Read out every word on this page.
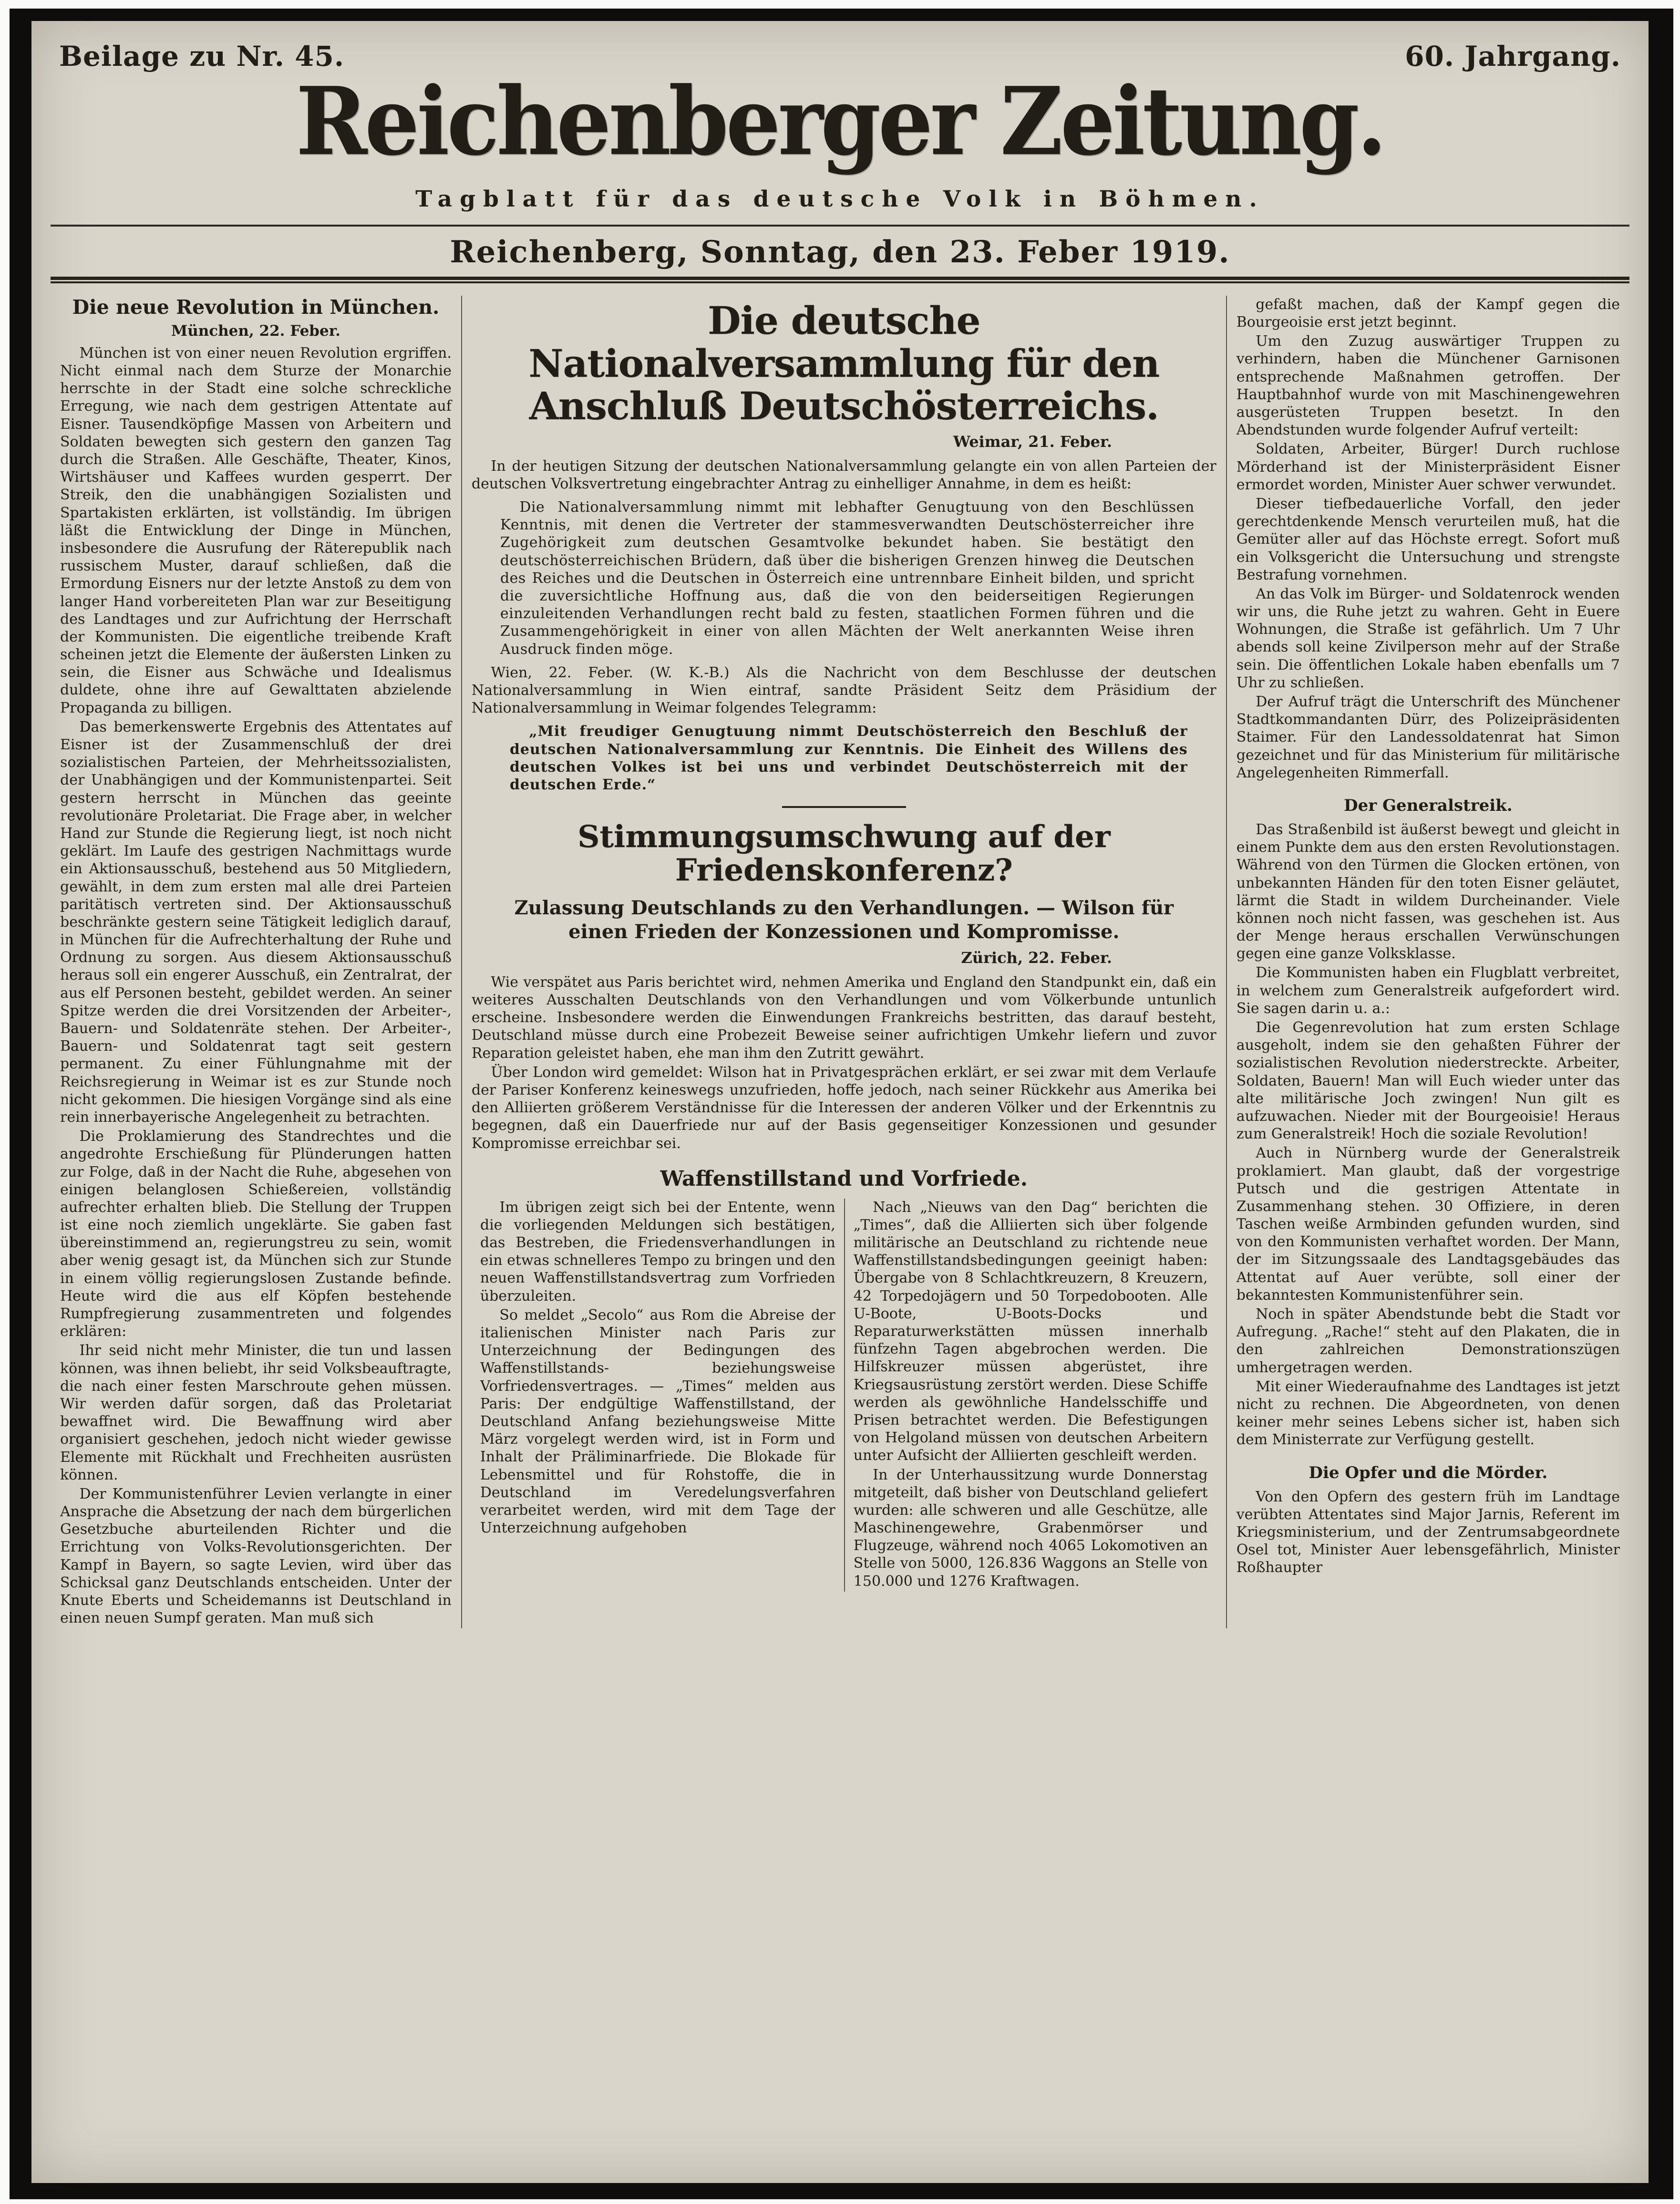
Beilage zu Nr. 45.	60. Jahrgang.
Reichenberger Zeitung.
Tagblatt für das deutsche Volk in Böhmen.
Reichenberg, Sonntag, den 23. Feber 1919.
Die neue Revolution in München.
München, 22. Feber.

München ist von einer neuen Revolution ergriffen. Nicht einmal nach dem Sturze der Monarchie herrschte in der Stadt eine solche schreckliche Erregung, wie nach dem gestrigen Attentate auf Eisner. Tausendköpfige Massen von Arbeitern und Soldaten bewegten sich gestern den ganzen Tag durch die Straßen. Alle Geschäfte, Theater, Kinos, Wirtshäuser und Kaffees wurden gesperrt. Der Streik, den die unabhängigen Sozialisten und Spartakisten erklärten, ist vollständig. Im übrigen läßt die Entwicklung der Dinge in München, insbesondere die Ausrufung der Räterepublik nach russischem Muster, darauf schließen, daß die Ermordung Eisners nur der letzte Anstoß zu dem von langer Hand vorbereiteten Plan war zur Beseitigung des Landtages und zur Aufrichtung der Herrschaft der Kommunisten. Die eigentliche treibende Kraft scheinen jetzt die Elemente der äußersten Linken zu sein, die Eisner aus Schwäche und Idealismus duldete, ohne ihre auf Gewalttaten abzielende Propaganda zu billigen.

Das bemerkenswerte Ergebnis des Attentates auf Eisner ist der Zusammenschluß der drei sozialistischen Parteien, der Mehrheitssozialisten, der Unabhängigen und der Kommunistenpartei. Seit gestern herrscht in München das geeinte revolutionäre Proletariat. Die Frage aber, in welcher Hand zur Stunde die Regierung liegt, ist noch nicht geklärt. Im Laufe des gestrigen Nachmittags wurde ein Aktionsausschuß, bestehend aus 50 Mitgliedern, gewählt, in dem zum ersten mal alle drei Parteien paritätisch vertreten sind. Der Aktionsausschuß beschränkte gestern seine Tätigkeit lediglich darauf, in München für die Aufrechterhaltung der Ruhe und Ordnung zu sorgen. Aus diesem Aktionsausschuß heraus soll ein engerer Ausschuß, ein Zentralrat, der aus elf Personen besteht, gebildet werden. An seiner Spitze werden die drei Vorsitzenden der Arbeiter-, Bauern- und Soldatenräte stehen. Der Arbeiter-, Bauern- und Soldatenrat tagt seit gestern permanent. Zu einer Fühlungnahme mit der Reichsregierung in Weimar ist es zur Stunde noch nicht gekommen. Die hiesigen Vorgänge sind als eine rein innerbayerische Angelegenheit zu betrachten.

Die Proklamierung des Standrechtes und die angedrohte Erschießung für Plünderungen hatten zur Folge, daß in der Nacht die Ruhe, abgesehen von einigen belanglosen Schießereien, vollständig aufrechter erhalten blieb. Die Stellung der Truppen ist eine noch ziemlich ungeklärte. Sie gaben fast übereinstimmend an, regierungstreu zu sein, womit aber wenig gesagt ist, da München sich zur Stunde in einem völlig regierungslosen Zustande befinde. Heute wird die aus elf Köpfen bestehende Rumpfregierung zusammentreten und folgendes erklären:

Ihr seid nicht mehr Minister, die tun und lassen können, was ihnen beliebt, ihr seid Volksbeauftragte, die nach einer festen Marschroute gehen müssen. Wir werden dafür sorgen, daß das Proletariat bewaffnet wird. Die Bewaffnung wird aber organisiert geschehen, jedoch nicht wieder gewisse Elemente mit Rückhalt und Frechheiten ausrüsten können.

Der Kommunistenführer Levien verlangte in einer Ansprache die Absetzung der nach dem bürgerlichen Gesetzbuche aburteilenden Richter und die Errichtung von Volks-Revolutionsgerichten. Der Kampf in Bayern, so sagte Levien, wird über das Schicksal ganz Deutschlands entscheiden. Unter der Knute Eberts und Scheidemanns ist Deutschland in einen neuen Sumpf geraten. Man muß sich

Die deutsche Nationalversammlung für den Anschluß Deutschösterreichs.
Weimar, 21. Feber.

In der heutigen Sitzung der deutschen Nationalversammlung gelangte ein von allen Parteien der deutschen Volksvertretung eingebrachter Antrag zu einhelliger Annahme, in dem es heißt:

Die Nationalversammlung nimmt mit lebhafter Genugtuung von den Beschlüssen Kenntnis, mit denen die Vertreter der stammesverwandten Deutschösterreicher ihre Zugehörigkeit zum deutschen Gesamtvolke bekundet haben. Sie bestätigt den deutschösterreichischen Brüdern, daß über die bisherigen Grenzen hinweg die Deutschen des Reiches und die Deutschen in Österreich eine untrennbare Einheit bilden, und spricht die zuversichtliche Hoffnung aus, daß die von den beiderseitigen Regierungen einzuleitenden Verhandlungen recht bald zu festen, staatlichen Formen führen und die Zusammengehörigkeit in einer von allen Mächten der Welt anerkannten Weise ihren Ausdruck finden möge.

Wien, 22. Feber. (W. K.-B.) Als die Nachricht von dem Beschlusse der deutschen Nationalversammlung in Wien eintraf, sandte Präsident Seitz dem Präsidium der Nationalversammlung in Weimar folgendes Telegramm:

„Mit freudiger Genugtuung nimmt Deutschösterreich den Beschluß der deutschen Nationalversammlung zur Kenntnis. Die Einheit des Willens des deutschen Volkes ist bei uns und verbindet Deutschösterreich mit der deutschen Erde.“

Stimmungsumschwung auf der Friedenskonferenz?
Zulassung Deutschlands zu den Verhandlungen. — Wilson für einen Frieden der Konzessionen und Kompromisse.
Zürich, 22. Feber.

Wie verspätet aus Paris berichtet wird, nehmen Amerika und England den Standpunkt ein, daß ein weiteres Ausschalten Deutschlands von den Verhandlungen und vom Völkerbunde untunlich erscheine. Insbesondere werden die Einwendungen Frankreichs bestritten, das darauf besteht, Deutschland müsse durch eine Probezeit Beweise seiner aufrichtigen Umkehr liefern und zuvor Reparation geleistet haben, ehe man ihm den Zutritt gewährt.

Über London wird gemeldet: Wilson hat in Privatgesprächen erklärt, er sei zwar mit dem Verlaufe der Pariser Konferenz keineswegs unzufrieden, hoffe jedoch, nach seiner Rückkehr aus Amerika bei den Alliierten größerem Verständnisse für die Interessen der anderen Völker und der Erkenntnis zu begegnen, daß ein Dauerfriede nur auf der Basis gegenseitiger Konzessionen und gesunder Kompromisse erreichbar sei.

Waffenstillstand und Vorfriede.

Im übrigen zeigt sich bei der Entente, wenn die vorliegenden Meldungen sich bestätigen, das Bestreben, die Friedensverhandlungen in ein etwas schnelleres Tempo zu bringen und den neuen Waffenstillstandsvertrag zum Vorfrieden überzuleiten.

So meldet „Secolo“ aus Rom die Abreise der italienischen Minister nach Paris zur Unterzeichnung der Bedingungen des Waffenstillstands- beziehungsweise Vorfriedensvertrages. — „Times“ melden aus Paris: Der endgültige Waffenstillstand, der Deutschland Anfang beziehungsweise Mitte März vorgelegt werden wird, ist in Form und Inhalt der Präliminarfriede. Die Blokade für Lebensmittel und für Rohstoffe, die in Deutschland im Veredelungsverfahren verarbeitet werden, wird mit dem Tage der Unterzeichnung aufgehoben

Nach „Nieuws van den Dag“ berichten die „Times“, daß die Alliierten sich über folgende militärische an Deutschland zu richtende neue Waffenstillstandsbedingungen geeinigt haben: Übergabe von 8 Schlachtkreuzern, 8 Kreuzern, 42 Torpedojägern und 50 Torpedobooten. Alle U-Boote, U-Boots-Docks und Reparaturwerkstätten müssen innerhalb fünfzehn Tagen abgebrochen werden. Die Hilfskreuzer müssen abgerüstet, ihre Kriegsausrüstung zerstört werden. Diese Schiffe werden als gewöhnliche Handelsschiffe und Prisen betrachtet werden. Die Befestigungen von Helgoland müssen von deutschen Arbeitern unter Aufsicht der Alliierten geschleift werden.

In der Unterhaussitzung wurde Donnerstag mitgeteilt, daß bisher von Deutschland geliefert wurden: alle schweren und alle Geschütze, alle Maschinengewehre, Grabenmörser und Flugzeuge, während noch 4065 Lokomotiven an Stelle von 5000, 126.836 Waggons an Stelle von 150.000 und 1276 Kraftwagen.

gefaßt machen, daß der Kampf gegen die Bourgeoisie erst jetzt beginnt.

Um den Zuzug auswärtiger Truppen zu verhindern, haben die Münchener Garnisonen entsprechende Maßnahmen getroffen. Der Hauptbahnhof wurde von mit Maschinengewehren ausgerüsteten Truppen besetzt. In den Abendstunden wurde folgender Aufruf verteilt:

Soldaten, Arbeiter, Bürger! Durch ruchlose Mörderhand ist der Ministerpräsident Eisner ermordet worden, Minister Auer schwer verwundet.

Dieser tiefbedauerliche Vorfall, den jeder gerechtdenkende Mensch verurteilen muß, hat die Gemüter aller auf das Höchste erregt. Sofort muß ein Volksgericht die Untersuchung und strengste Bestrafung vornehmen.

An das Volk im Bürger- und Soldatenrock wenden wir uns, die Ruhe jetzt zu wahren. Geht in Euere Wohnungen, die Straße ist gefährlich. Um 7 Uhr abends soll keine Zivilperson mehr auf der Straße sein. Die öffentlichen Lokale haben ebenfalls um 7 Uhr zu schließen.

Der Aufruf trägt die Unterschrift des Münchener Stadtkommandanten Dürr, des Polizeipräsidenten Staimer. Für den Landessoldatenrat hat Simon gezeichnet und für das Ministerium für militärische Angelegenheiten Rimmerfall.

Der Generalstreik.

Das Straßenbild ist äußerst bewegt und gleicht in einem Punkte dem aus den ersten Revolutionstagen. Während von den Türmen die Glocken ertönen, von unbekannten Händen für den toten Eisner geläutet, lärmt die Stadt in wildem Durcheinander. Viele können noch nicht fassen, was geschehen ist. Aus der Menge heraus erschallen Verwünschungen gegen eine ganze Volksklasse.

Die Kommunisten haben ein Flugblatt verbreitet, in welchem zum Generalstreik aufgefordert wird. Sie sagen darin u. a.:

Die Gegenrevolution hat zum ersten Schlage ausgeholt, indem sie den gehaßten Führer der sozialistischen Revolution niederstreckte. Arbeiter, Soldaten, Bauern! Man will Euch wieder unter das alte militärische Joch zwingen! Nun gilt es aufzuwachen. Nieder mit der Bourgeoisie! Heraus zum Generalstreik! Hoch die soziale Revolution!

Auch in Nürnberg wurde der Generalstreik proklamiert. Man glaubt, daß der vorgestrige Putsch und die gestrigen Attentate in Zusammenhang stehen. 30 Offiziere, in deren Taschen weiße Armbinden gefunden wurden, sind von den Kommunisten verhaftet worden. Der Mann, der im Sitzungssaale des Landtagsgebäudes das Attentat auf Auer verübte, soll einer der bekanntesten Kommunistenführer sein.

Noch in später Abendstunde bebt die Stadt vor Aufregung. „Rache!“ steht auf den Plakaten, die in den zahlreichen Demonstrationszügen umhergetragen werden.

Mit einer Wiederaufnahme des Landtages ist jetzt nicht zu rechnen. Die Abgeordneten, von denen keiner mehr seines Lebens sicher ist, haben sich dem Ministerrate zur Verfügung gestellt.

Die Opfer und die Mörder.

Von den Opfern des gestern früh im Landtage verübten Attentates sind Major Jarnis, Referent im Kriegsministerium, und der Zentrumsabgeordnete Osel tot, Minister Auer lebensgefährlich, Minister Roßhaupter
